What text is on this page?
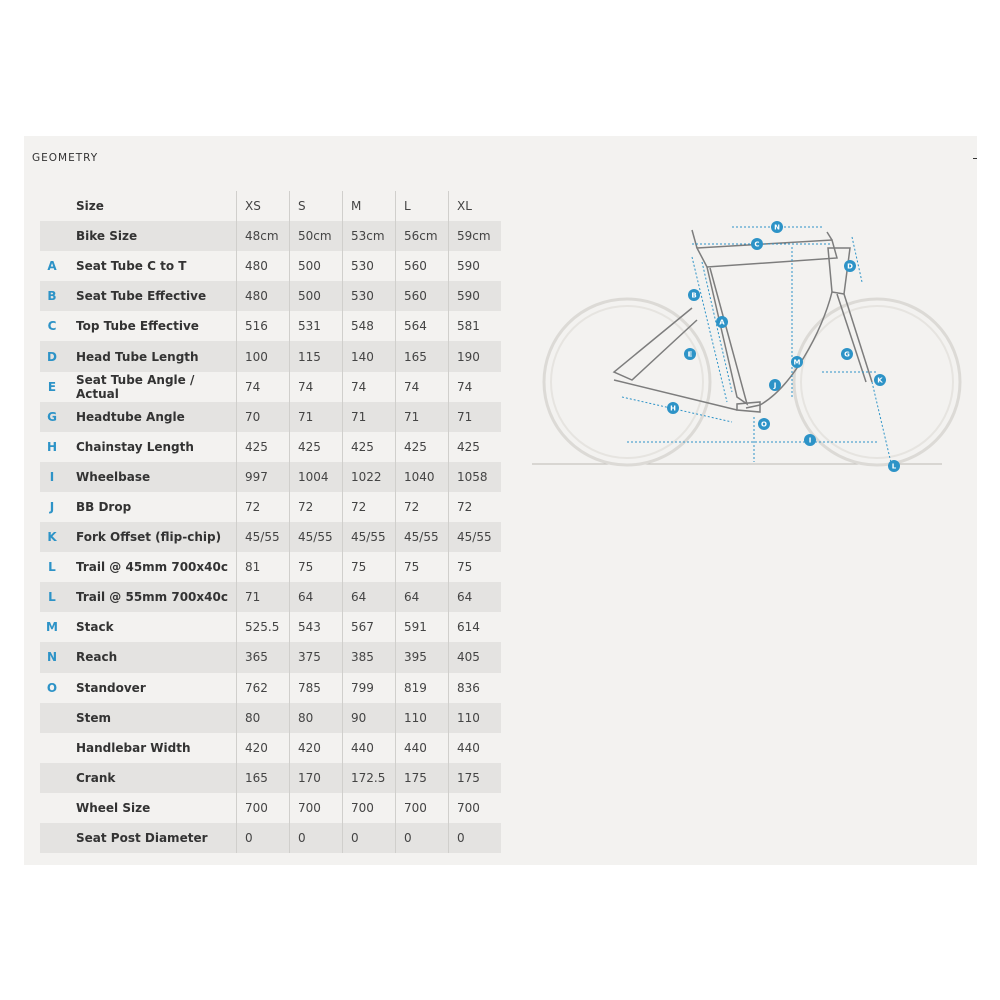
GEOMETRY
Size	XS	S	M	L	XL
Bike Size	48cm	50cm	53cm	56cm	59cm
A	Seat Tube C to T	480	500	530	560	590
B	Seat Tube Effective	480	500	530	560	590
C	Top Tube Effective	516	531	548	564	581
D	Head Tube Length	100	115	140	165	190
E	Seat Tube Angle / Actual	74	74	74	74	74
G	Headtube Angle	70	71	71	71	71
H	Chainstay Length	425	425	425	425	425
I	Wheelbase	997	1004	1022	1040	1058
J	BB Drop	72	72	72	72	72
K	Fork Offset (flip-chip)	45/55	45/55	45/55	45/55	45/55
L	Trail @ 45mm 700x40c	81	75	75	75	75
L	Trail @ 55mm 700x40c	71	64	64	64	64
M	Stack	525.5	543	567	591	614
N	Reach	365	375	385	395	405
O	Standover	762	785	799	819	836
Stem	80	80	90	110	110
Handlebar Width	420	420	440	440	440
Crank	165	170	172.5	175	175
Wheel Size	700	700	700	700	700
Seat Post Diameter	0	0	0	0	0
N
C
D
B
A
E
M
G
K
J
H
O
I
L
